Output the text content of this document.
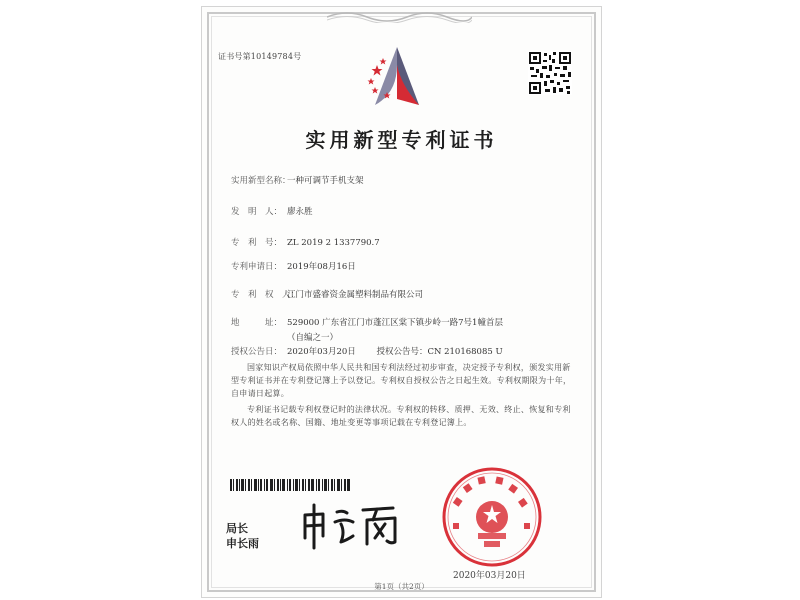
证书号第10149784号
实用新型专利证书
实用新型名称：一种可调节手机支架
发　明　人： 廖永胜
专　利　号： ZL 2019 2 1337790.7
专利申请日： 2019年08月16日
专　利　权　人：江门市盛睿资金属塑料制品有限公司
地　　　址： 529000 广东省江门市蓬江区棠下镇步岭一路7号1幢首层
（自编之一）
授权公告日： 2020年03月20日 授权公告号：CN 210168085 U
国家知识产权局依照中华人民共和国专利法经过初步审查，决定授予专利权，颁发实用新型专利证书并在专利登记簿上予以登记。专利权自授权公告之日起生效。专利权期限为十年，自申请日起算。
专利证书记载专利权登记时的法律状况。专利权的转移、质押、无效、终止、恢复和专利权人的姓名或名称、国籍、地址变更等事项记载在专利登记簿上。
局长
申长雨
2020年03月20日
第1页（共2页）
